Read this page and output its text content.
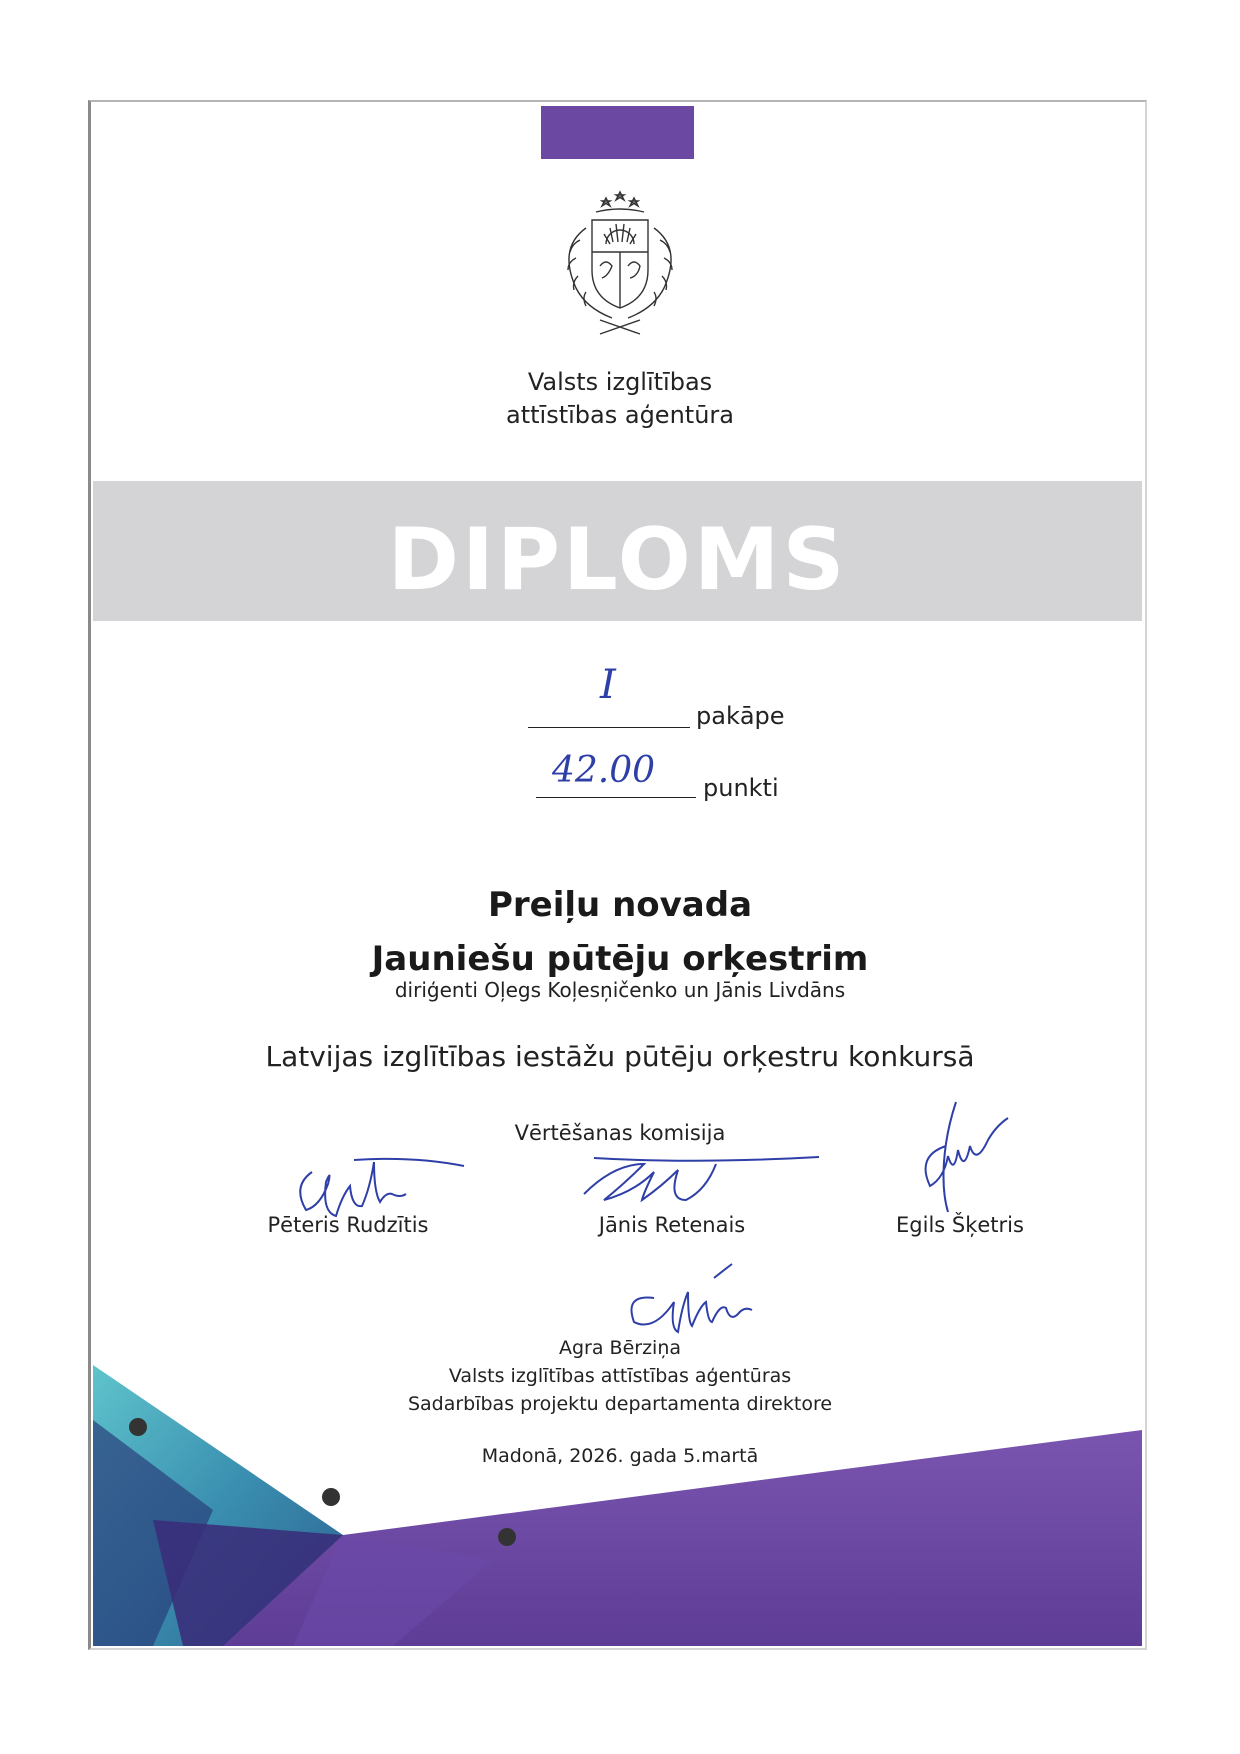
Valsts izglītības
attīstības aģentūra
DIPLOMS
I
pakāpe
42.00 punkti
Preiļu novada
Jauniešu pūtēju orķestrim
diriģenti Oļegs Koļesņičenko un Jānis Livdāns
Latvijas izglītības iestāžu pūtēju orķestru konkursā
Vērtēšanas komisija
Pēteris Rudzītis	Jānis Retenais	Egils Šķetris
Agra Bērziņa
Valsts izglītības attīstības aģentūras
Sadarbības projektu departamenta direktore
Madonā, 2026. gada 5.martā
